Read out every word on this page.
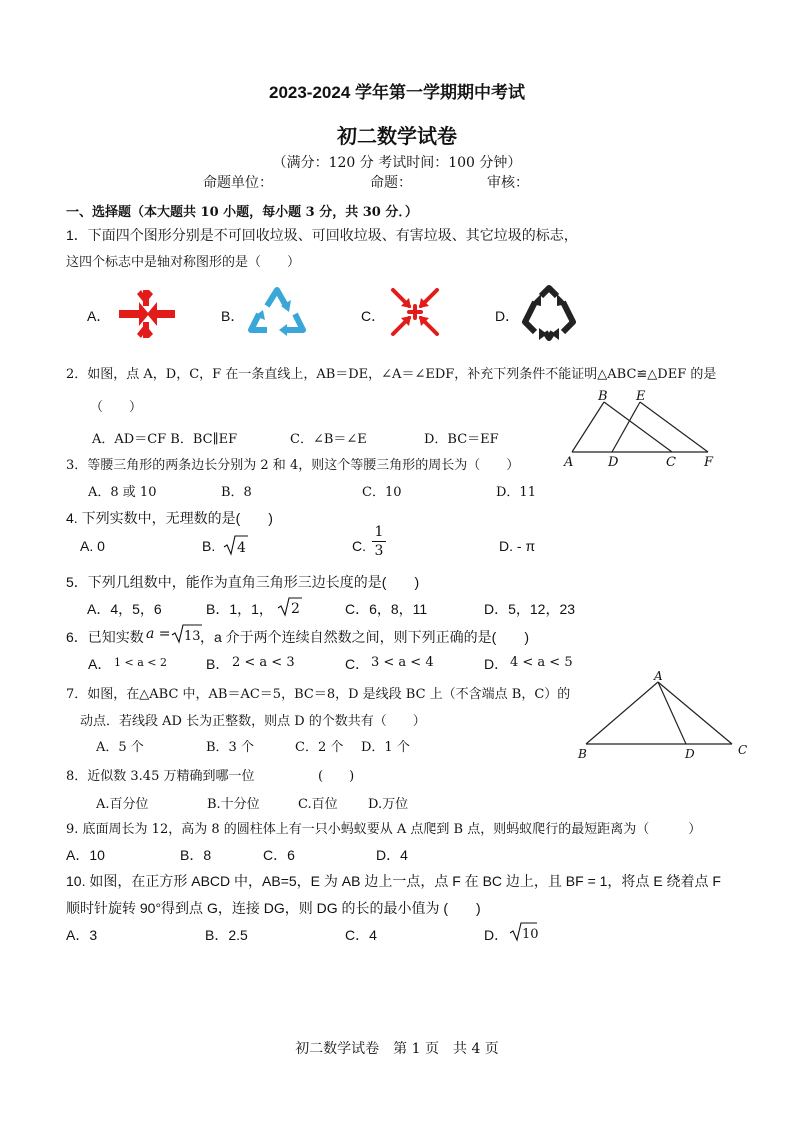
2023-2024 学年第一学期期中考试
初二数学试卷
（满分：120 分 考试时间：100 分钟）
命题单位：	命题：	审核：
一、选择题（本大题共 10 小题，每小题 3 分，共 30 分．）
1．下面四个图形分别是不可回收垃圾、可回收垃圾、有害垃圾、其它垃圾的标志，
这四个标志中是轴对称图形的是（　　）
A．	B．	C．	D．
2．如图，点 A，D，C，F 在一条直线上，AB＝DE，∠A＝∠EDF，补充下列条件不能证明△ABC≌△DEF 的是
（　　）
A．AD＝CF B．BC∥EF	C．∠B＝∠E	D．BC＝EF
B E
A	D	C F
3．等腰三角形的两条边长分别为 2 和 4，则这个等腰三角形的周长为（　　）
A．8 或 10	B．8	C．10	D．11
4. 下列实数中，无理数的是(　　)
A. 0	B. 4	C.
1
3	D. - π
5．下列几组数中，能作为直角三角形三边长度的是(　　)
A．4，5，6	B．1，1， 2	C．6，8，11	D．5，12，23
6．已知实数 a = 13 ，a 介于两个连续自然数之间，则下列正确的是(　　)
A． 1 < a < 2	B． 2 < a < 3	C． 3 < a < 4	D． 4 < a < 5
7．如图，在△ABC 中，AB＝AC＝5，BC＝8，D 是线段 BC 上（不含端点 B，C）的
动点．若线段 AD 长为正整数，则点 D 的个数共有（　　）
A．5 个	B．3 个	C．2 个 D．1 个
A
B	D	C
8．近似数 3.45 万精确到哪一位	(　　)
A.百分位	B.十分位	C.百位 D.万位
9. 底面周长为 12，高为 8 的圆柱体上有一只小蚂蚁要从 A 点爬到 B 点，则蚂蚁爬行的最短距离为（　　　）
A．10	B．8	C．6	D．4
10. 如图，在正方形 ABCD 中，AB=5，E 为 AB 边上一点，点 F 在 BC 边上，且 BF = 1，将点 E 绕着点 F
顺时针旋转 90°得到点 G，连接 DG，则 DG 的长的最小值为 (　　)
A．3	B．2.5	C．4	D． 10
初二数学试卷　第 1 页　共 4 页
